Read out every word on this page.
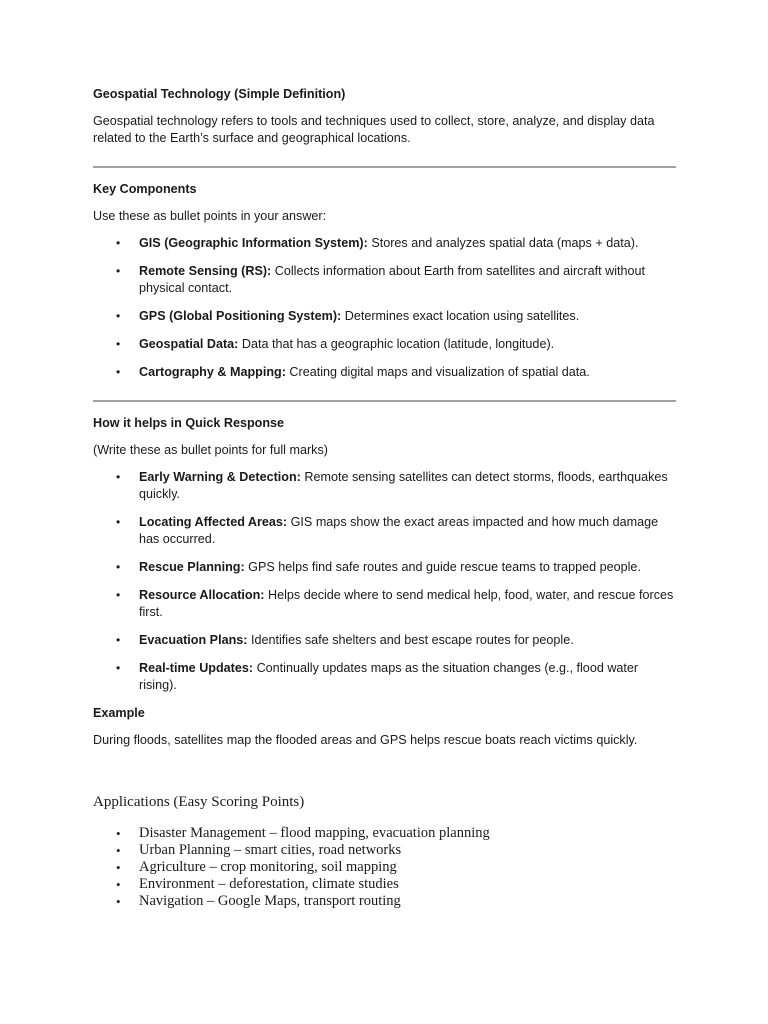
Geospatial Technology (Simple Definition)
Geospatial technology refers to tools and techniques used to collect, store, analyze, and display data related to the Earth’s surface and geographical locations.
Key Components
Use these as bullet points in your answer:
• GIS (Geographic Information System): Stores and analyzes spatial data (maps + data).
• Remote Sensing (RS): Collects information about Earth from satellites and aircraft without physical contact.
• GPS (Global Positioning System): Determines exact location using satellites.
• Geospatial Data: Data that has a geographic location (latitude, longitude).
• Cartography & Mapping: Creating digital maps and visualization of spatial data.
How it helps in Quick Response
(Write these as bullet points for full marks)
• Early Warning & Detection: Remote sensing satellites can detect storms, floods, earthquakes quickly.
• Locating Affected Areas: GIS maps show the exact areas impacted and how much damage has occurred.
• Rescue Planning: GPS helps find safe routes and guide rescue teams to trapped people.
• Resource Allocation: Helps decide where to send medical help, food, water, and rescue forces first.
• Evacuation Plans: Identifies safe shelters and best escape routes for people.
• Real-time Updates: Continually updates maps as the situation changes (e.g., flood water rising).
Example
During floods, satellites map the flooded areas and GPS helps rescue boats reach victims quickly.
Applications (Easy Scoring Points)
• Disaster Management – flood mapping, evacuation planning
• Urban Planning – smart cities, road networks
• Agriculture – crop monitoring, soil mapping
• Environment – deforestation, climate studies
• Navigation – Google Maps, transport routing
